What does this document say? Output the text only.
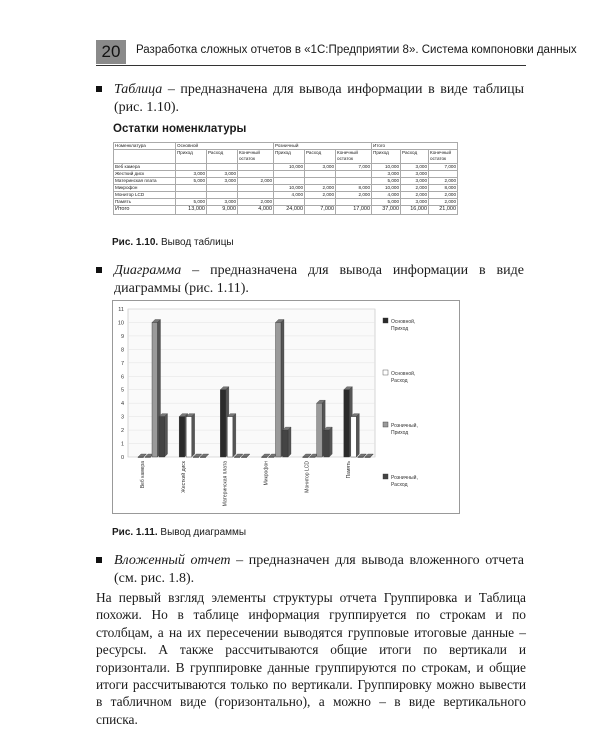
20	Разработка сложных отчетов в «1С:Предприятии 8». Система компоновки данных
Таблица – предназначена для вывода информации в виде таблицы (рис. 1.10).
Остатки номенклатуры
Номенклатура	Основной			Розничный			Итого		
	Приход	Расход	Конечный остаток	Приход	Расход	Конечный остаток	Приход	Расход	Конечный остаток
Веб камера				10,000	3,000	7,000	10,000	3,000	7,000
Жесткий диск	3,000	3,000					3,000	3,000	
Материнская плата	5,000	3,000	2,000				5,000	3,000	2,000
Микрофон				10,000	2,000	8,000	10,000	2,000	8,000
Монитор LCD				4,000	2,000	2,000	4,000	2,000	2,000
Память	5,000	3,000	2,000				5,000	3,000	2,000
Итого	13,000	9,000	4,000	24,000	7,000	17,000	37,000	16,000	21,000
Рис. 1.10. Вывод таблицы
Диаграмма – предназначена для вывода информации в виде диаграммы (рис. 1.11).
0
1
2
3
4
5
6
7
8
9
10
11
Веб камера	Жесткий диск	Материнская плата	Микрофон	Монитор LCD	Память
Основной,
Приход
Основной,
Расход
Розничный,
Приход
Розничный,
Расход
Рис. 1.11. Вывод диаграммы
Вложенный отчет – предназначен для вывода вложенного отчета (см. рис. 1.8).

На первый взгляд элементы структуры отчета Группировка и Таблица похожи. Но в таблице информация группируется по строкам и по столбцам, а на их пересечении выводятся групповые итоговые данные – ресурсы. А также рассчитываются общие итоги по вертикали и горизонтали. В группировке данные группируются по строкам, и общие итоги рассчитываются только по вертикали. Группировку можно вывести в табличном виде (горизонтально), а можно – в виде вертикального списка.
